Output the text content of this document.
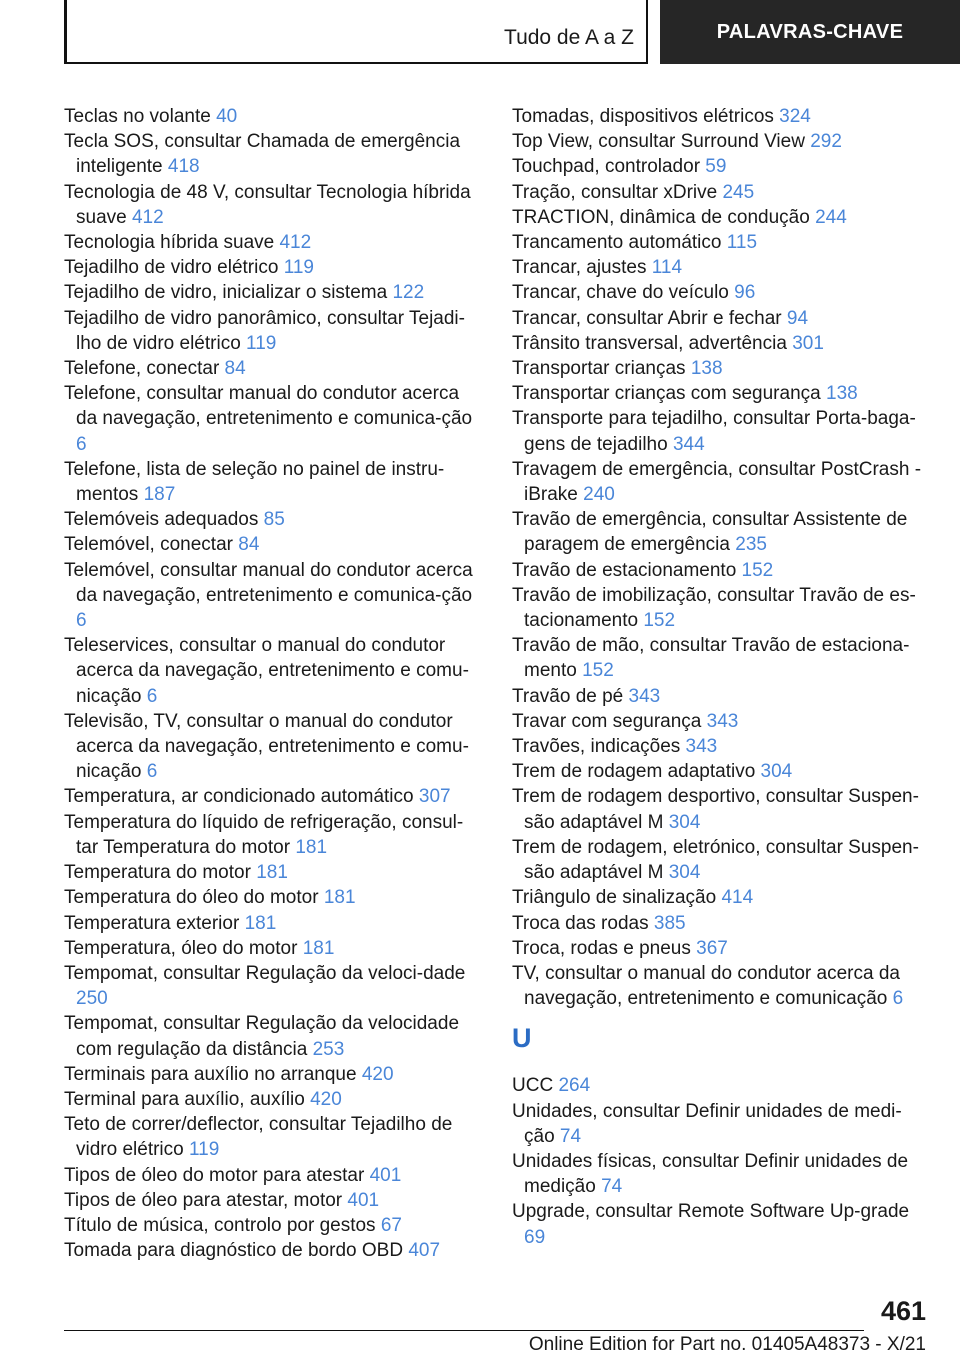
Tudo de A a Z	PALAVRAS-CHAVE
Teclas no volante 40
Tecla SOS, consultar Chamada de emergência inteligente 418
Tecnologia de 48 V, consultar Tecnologia híbrida suave 412
Tecnologia híbrida suave 412
Tejadilho de vidro elétrico 119
Tejadilho de vidro, inicializar o sistema 122
Tejadilho de vidro panorâmico, consultar Tejadi‐lho de vidro elétrico 119
Telefone, conectar 84
Telefone, consultar manual do condutor acerca da navegação, entretenimento e comunica‐ção 6
Telefone, lista de seleção no painel de instru‐mentos 187
Telemóveis adequados 85
Telemóvel, conectar 84
Telemóvel, consultar manual do condutor acerca da navegação, entretenimento e comunica‐ção 6
Teleservices, consultar o manual do condutor acerca da navegação, entretenimento e comu‐nicação 6
Televisão, TV, consultar o manual do condutor acerca da navegação, entretenimento e comu‐nicação 6
Temperatura, ar condicionado automático 307
Temperatura do líquido de refrigeração, consul‐tar Temperatura do motor 181
Temperatura do motor 181
Temperatura do óleo do motor 181
Temperatura exterior 181
Temperatura, óleo do motor 181
Tempomat, consultar Regulação da veloci‐dade 250
Tempomat, consultar Regulação da velocidade com regulação da distância 253
Terminais para auxílio no arranque 420
Terminal para auxílio, auxílio 420
Teto de correr/deflector, consultar Tejadilho de vidro elétrico 119
Tipos de óleo do motor para atestar 401
Tipos de óleo para atestar, motor 401
Título de música, controlo por gestos 67
Tomada para diagnóstico de bordo OBD 407
Tomadas, dispositivos elétricos 324
Top View, consultar Surround View 292
Touchpad, controlador 59
Tração, consultar xDrive 245
TRACTION, dinâmica de condução 244
Trancamento automático 115
Trancar, ajustes 114
Trancar, chave do veículo 96
Trancar, consultar Abrir e fechar 94
Trânsito transversal, advertência 301
Transportar crianças 138
Transportar crianças com segurança 138
Transporte para tejadilho, consultar Porta-baga‐gens de tejadilho 344
Travagem de emergência, consultar PostCrash - iBrake 240
Travão de emergência, consultar Assistente de paragem de emergência 235
Travão de estacionamento 152
Travão de imobilização, consultar Travão de es‐tacionamento 152
Travão de mão, consultar Travão de estaciona‐mento 152
Travão de pé 343
Travar com segurança 343
Travões, indicações 343
Trem de rodagem adaptativo 304
Trem de rodagem desportivo, consultar Suspen‐são adaptável M 304
Trem de rodagem, eletrónico, consultar Suspen‐são adaptável M 304
Triângulo de sinalização 414
Troca das rodas 385
Troca, rodas e pneus 367
TV, consultar o manual do condutor acerca da navegação, entretenimento e comunicação 6
U
UCC 264
Unidades, consultar Definir unidades de medi‐ção 74
Unidades físicas, consultar Definir unidades de medição 74
Upgrade, consultar Remote Software Up‐grade 69
461
Online Edition for Part no. 01405A48373 - X/21
